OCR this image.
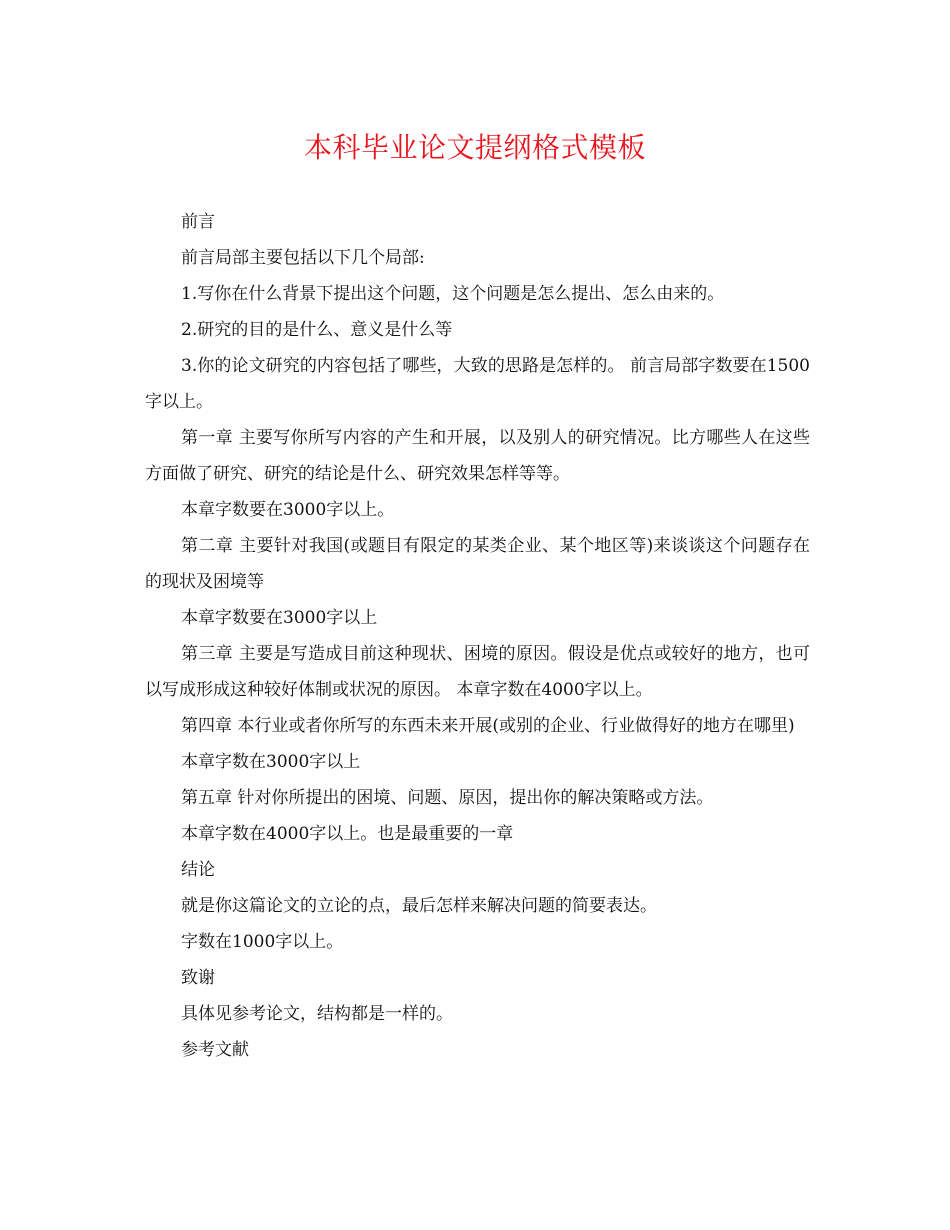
本科毕业论文提纲格式模板

前言

前言局部主要包括以下几个局部:

1.写你在什么背景下提出这个问题，这个问题是怎么提出、怎么由来的。

2.研究的目的是什么、意义是什么等

3.你的论文研究的内容包括了哪些，大致的思路是怎样的。 前言局部字数要在1500字以上。

第一章 主要写你所写内容的产生和开展，以及别人的研究情况。比方哪些人在这些方面做了研究、研究的结论是什么、研究效果怎样等等。

本章字数要在3000字以上。

第二章 主要针对我国(或题目有限定的某类企业、某个地区等)来谈谈这个问题存在的现状及困境等

本章字数要在3000字以上

第三章 主要是写造成目前这种现状、困境的原因。假设是优点或较好的地方，也可以写成形成这种较好体制或状况的原因。 本章字数在4000字以上。

第四章 本行业或者你所写的东西未来开展(或别的企业、行业做得好的地方在哪里)

本章字数在3000字以上

第五章 针对你所提出的困境、问题、原因，提出你的解决策略或方法。

本章字数在4000字以上。也是最重要的一章

结论

就是你这篇论文的立论的点，最后怎样来解决问题的简要表达。

字数在1000字以上。

致谢

具体见参考论文，结构都是一样的。

参考文献
